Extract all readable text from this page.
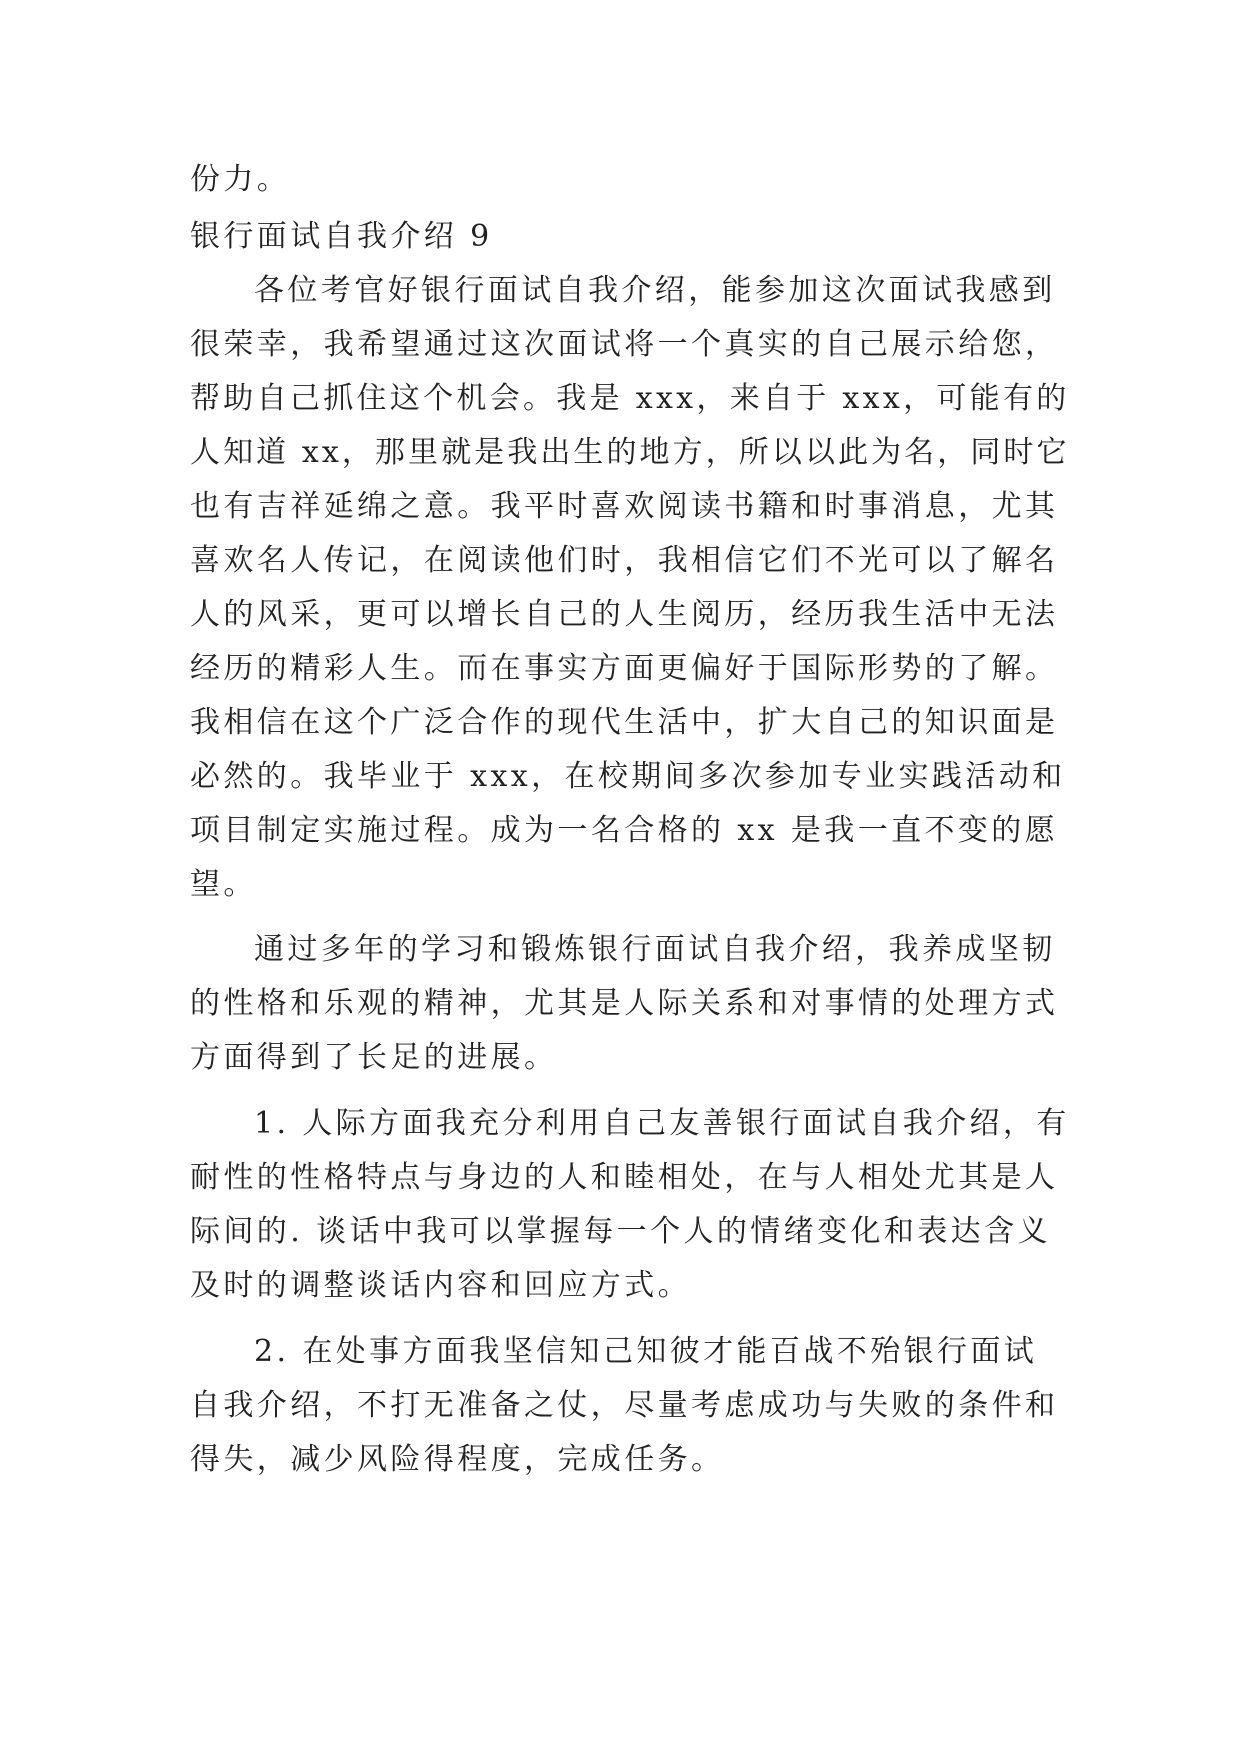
份力。
银行面试自我介绍 9
各位考官好银行面试自我介绍，能参加这次面试我感到
很荣幸，我希望通过这次面试将一个真实的自己展示给您，
帮助自己抓住这个机会。我是 xxx，来自于 xxx，可能有的
人知道 xx，那里就是我出生的地方，所以以此为名，同时它
也有吉祥延绵之意。我平时喜欢阅读书籍和时事消息，尤其
喜欢名人传记，在阅读他们时，我相信它们不光可以了解名
人的风采，更可以增长自己的人生阅历，经历我生活中无法
经历的精彩人生。而在事实方面更偏好于国际形势的了解。
我相信在这个广泛合作的现代生活中，扩大自己的知识面是
必然的。我毕业于 xxx，在校期间多次参加专业实践活动和
项目制定实施过程。成为一名合格的 xx 是我一直不变的愿
望。
通过多年的学习和锻炼银行面试自我介绍，我养成坚韧
的性格和乐观的精神，尤其是人际关系和对事情的处理方式
方面得到了长足的进展。
1. 人际方面我充分利用自己友善银行面试自我介绍，有
耐性的性格特点与身边的人和睦相处，在与人相处尤其是人
际间的. 谈话中我可以掌握每一个人的情绪变化和表达含义
及时的调整谈话内容和回应方式。
2. 在处事方面我坚信知己知彼才能百战不殆银行面试
自我介绍，不打无准备之仗，尽量考虑成功与失败的条件和
得失，减少风险得程度，完成任务。
